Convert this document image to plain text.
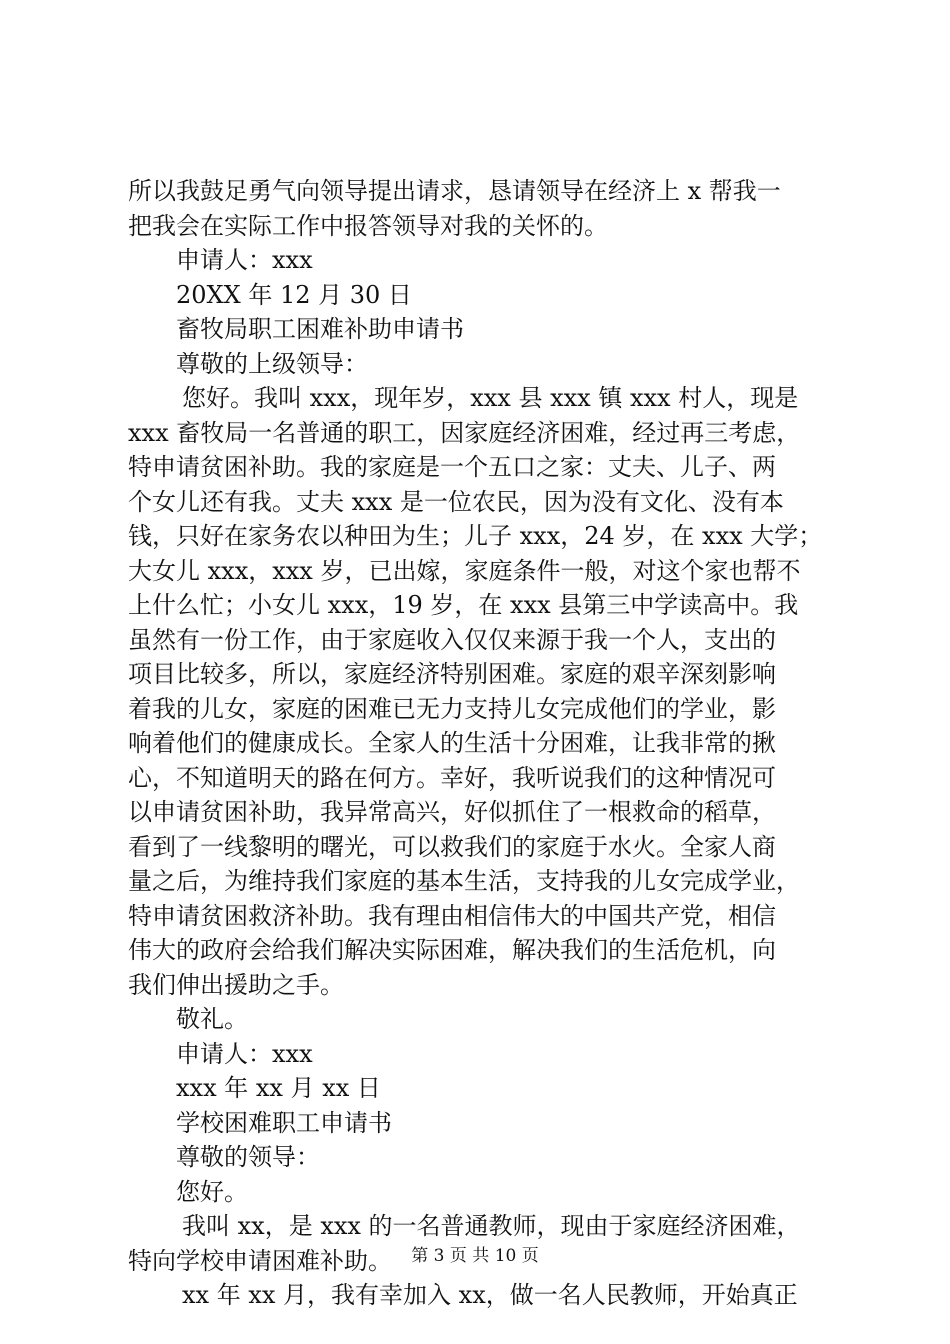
所以我鼓足勇气向领导提出请求，恳请领导在经济上 x 帮我一
把我会在实际工作中报答领导对我的关怀的。
申请人：xxx
20XX 年 12 月 30 日
畜牧局职工困难补助申请书
尊敬的上级领导：
您好。我叫 xxx，现年岁，xxx 县 xxx 镇 xxx 村人，现是
xxx 畜牧局一名普通的职工，因家庭经济困难，经过再三考虑，
特申请贫困补助。我的家庭是一个五口之家：丈夫、儿子、两
个女儿还有我。丈夫 xxx 是一位农民，因为没有文化、没有本
钱，只好在家务农以种田为生；儿子 xxx，24 岁，在 xxx 大学；
大女儿 xxx，xxx 岁，已出嫁，家庭条件一般，对这个家也帮不
上什么忙；小女儿 xxx，19 岁，在 xxx 县第三中学读高中。我
虽然有一份工作，由于家庭收入仅仅来源于我一个人，支出的
项目比较多，所以，家庭经济特别困难。家庭的艰辛深刻影响
着我的儿女，家庭的困难已无力支持儿女完成他们的学业，影
响着他们的健康成长。全家人的生活十分困难，让我非常的揪
心，不知道明天的路在何方。幸好，我听说我们的这种情况可
以申请贫困补助，我异常高兴，好似抓住了一根救命的稻草，
看到了一线黎明的曙光，可以救我们的家庭于水火。全家人商
量之后，为维持我们家庭的基本生活，支持我的儿女完成学业，
特申请贫困救济补助。我有理由相信伟大的中国共产党，相信
伟大的政府会给我们解决实际困难，解决我们的生活危机，向
我们伸出援助之手。
敬礼。
申请人：xxx
xxx 年 xx 月 xx 日
学校困难职工申请书
尊敬的领导：
您好。
我叫 xx，是 xxx 的一名普通教师，现由于家庭经济困难，
特向学校申请困难补助。
xx 年 xx 月，我有幸加入 xx，做一名人民教师，开始真正
第 3 页 共 10 页
